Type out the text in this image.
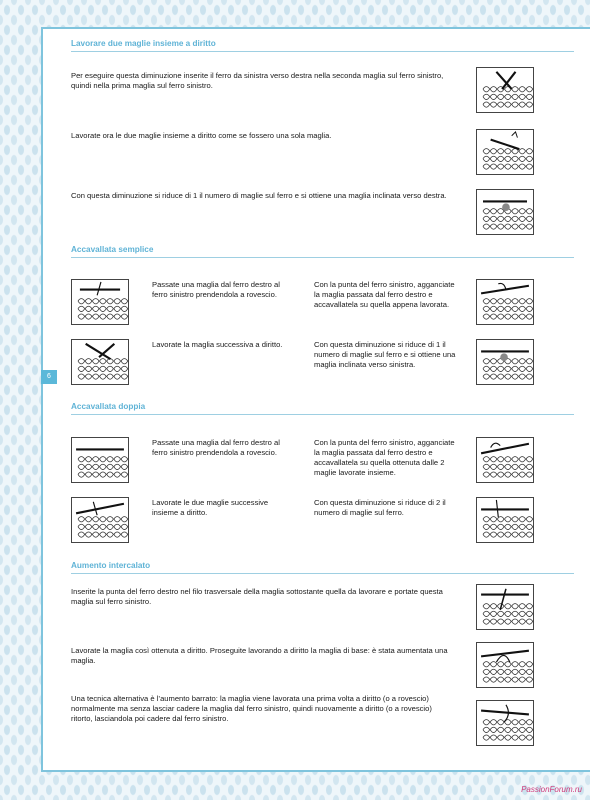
Lavorare due maglie insieme a diritto
Per eseguire questa diminuzione inserite il ferro da sinistra verso destra nella seconda maglia sul ferro sinistro, quindi nella prima maglia sul ferro sinistro.
Lavorate ora le due maglie insieme a diritto come se fossero una sola maglia.
Con questa diminuzione si riduce di 1 il numero di maglie sul ferro e si ottiene una maglia inclinata verso destra.
Accavallata semplice
Passate una maglia dal ferro destro al ferro sinistro prendendola a rovescio.
Con la punta del ferro sinistro, agganciate la maglia passata dal ferro destro e accavallatela su quella appena lavorata.
Lavorate la maglia successiva a diritto.	Con questa diminuzione si riduce di 1 il numero di maglie sul ferro e si ottiene una maglia inclinata verso sinistra.
Accavallata doppia
Passate una maglia dal ferro destro al ferro sinistro prendendola a rovescio.
Con la punta del ferro sinistro, agganciate la maglia passata dal ferro destro e accavallatela su quella ottenuta dalle 2 maglie lavorate insieme.
Lavorate le due maglie successive insieme a diritto.
Con questa diminuzione si riduce di 2 il numero di maglie sul ferro.
Aumento intercalato
Inserite la punta del ferro destro nel filo trasversale della maglia sottostante quella da lavorare e portate questa maglia sul ferro sinistro.
Lavorate la maglia così ottenuta a diritto. Proseguite lavorando a diritto la maglia di base: è stata aumentata una maglia.
Una tecnica alternativa è l’aumento barrato: la maglia viene lavorata una prima volta a diritto (o a rovescio) normalmente ma senza lasciar cadere la maglia dal ferro sinistro, quindi nuovamente a diritto (o a rovescio) ritorto, lasciandola poi cadere dal ferro sinistro.
6
PassionForum.ru
